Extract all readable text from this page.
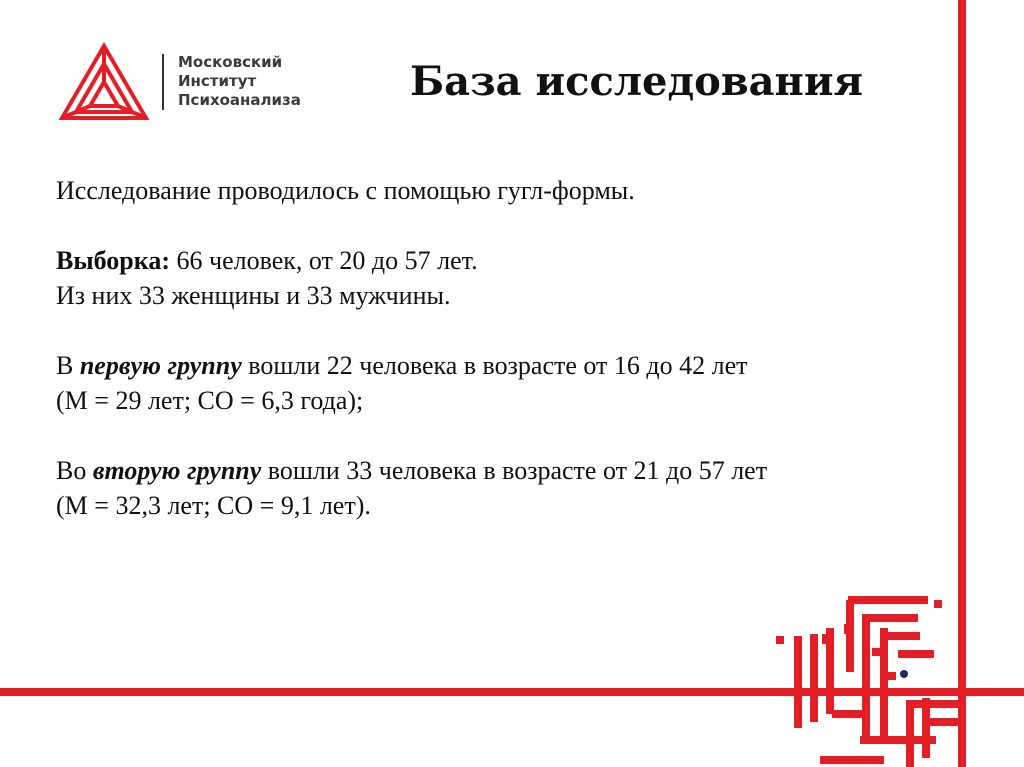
Московский
Институт
Психоанализа	База исследования

Исследование проводилось с помощью гугл-формы.

Выборка: 66 человек, от 20 до 57 лет.

Из них 33 женщины и 33 мужчины.

В первую группу вошли 22 человека в возрасте от 16 до 42 лет

(М = 29 лет; СО = 6,3 года);

Во вторую группу вошли 33 человека в возрасте от 21 до 57 лет

(М = 32,3 лет; СО = 9,1 лет).
